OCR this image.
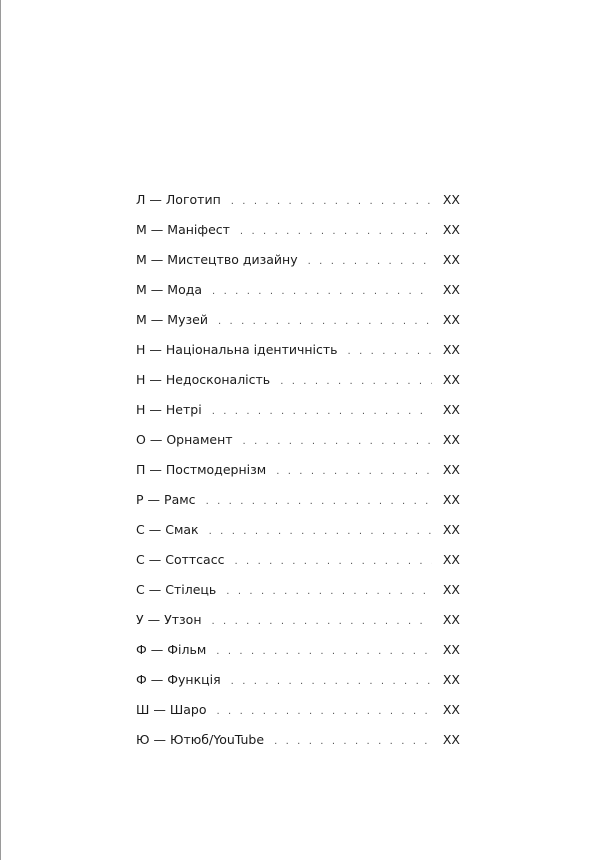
Л — Логотип . . .	XX
М — Маніфест . . .	XX
М — Мистецтво дизайну . . .	XX
М — Мода . . .	XX
М — Музей . . .	XX
Н — Національна ідентичність . . .	XX
Н — Недосконаліcть . . .	XX
Н — Нетрі . . .	XX
О — Орнамент . . .	XX
П — Постмодернізм . . .	XX
Р — Рамс . . .	XX
С — Смак . . .	XX
С — Соттсасс . . .	XX
С — Стілець . . .	XX
У — Утзон . . .	XX
Ф — Фільм . . .	XX
Ф — Функція . . .	XX
Ш — Шаро . . .	XX
Ю — Ютюб/YouTube . . .	XX
